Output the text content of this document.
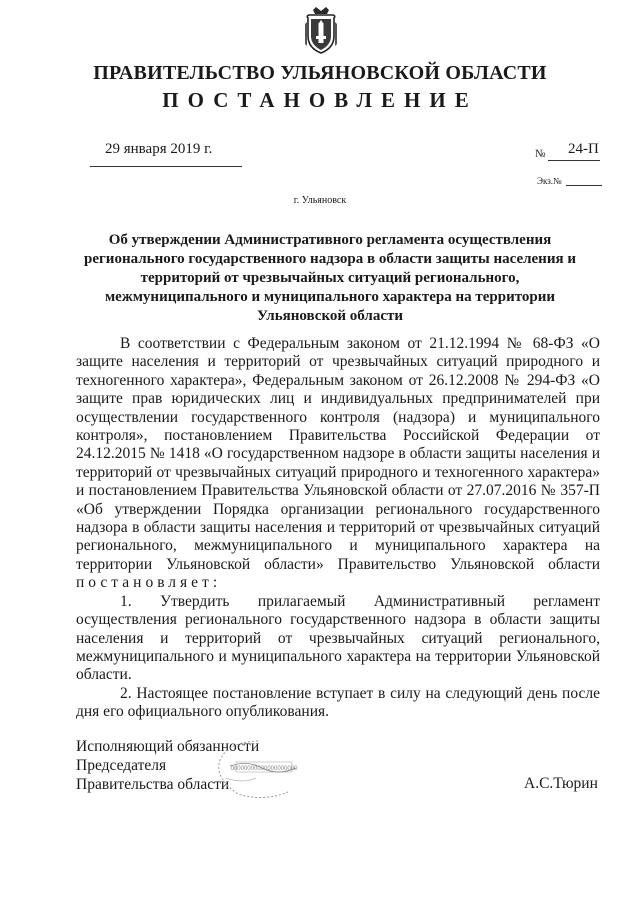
ПРАВИТЕЛЬСТВО УЛЬЯНОВСКОЙ ОБЛАСТИ
ПОСТАНОВЛЕНИЕ
29 января 2019 г.	№ 24-П
Экз.№
г. Ульяновск
Об утверждении Административного регламента осуществления регионального государственного надзора в области защиты населения и территорий от чрезвычайных ситуаций регионального, межмуниципального и муниципального характера на территории Ульяновской области

В соответствии с Федеральным законом от 21.12.1994 № 68-ФЗ «О защите населения и территорий от чрезвычайных ситуаций природного и техногенного характера», Федеральным законом от 26.12.2008 № 294-ФЗ «О защите прав юридических лиц и индивидуальных предпринимателей при осуществлении государственного контроля (надзора) и муниципального контроля», постановлением Правительства Российской Федерации от 24.12.2015 № 1418 «О государственном надзоре в области защиты населения и территорий от чрезвычайных ситуаций природного и техногенного характера» и постановлением Правительства Ульяновской области от 27.07.2016 № 357-П «Об утверждении Порядка организации регионального государственного надзора в области защиты населения и территорий от чрезвычайных ситуаций регионального, межмуниципального и муниципального характера на территории Ульяновской области» Правительство Ульяновской области постановляет:

1. Утвердить прилагаемый Административный регламент осуществления регионального государственного надзора в области защиты населения и территорий от чрезвычайных ситуаций регионального, межмуниципального и муниципального характера на территории Ульяновской области.

2. Настоящее постановление вступает в силу на следующий день после дня его официального опубликования.

Исполняющий обязанности
Председателя
Правительства области
00000000000000000000
А.С.Тюрин
